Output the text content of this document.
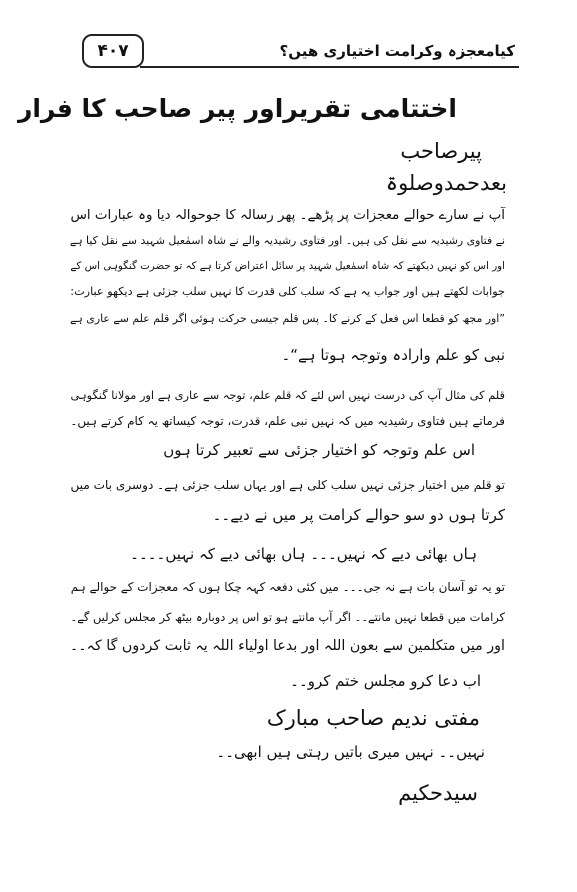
۴۰۷	کیامعجزہ وکرامت اختیاری ھیں؟
اختتامی تقریراور پیر صاحب کا فرار
پیرصاحب
بعدحمدوصلوۃ
آپ نے سارے حوالے معجزات پر پڑھے۔ پھر رسالہ کا جوحوالہ دیا وہ عبارات اس
نے فتاوی رشیدیہ سے نقل کی ہیں۔ اور فتاوی رشیدیہ والے نے شاہ اسمٰعیل شہید سے نقل کیا ہے
اور اس کو نہیں دیکھتے کہ شاہ اسمٰعیل شہید پر سائل اعتراض کرتا ہے کہ تو حضرت گنگوہی اس کے
جوابات لکھتے ہیں اور جواب یہ ہے کہ سلب کلی قدرت کا نہیں سلب جزئی ہے دیکھو عبارت:
”اور مجھ کو قطعا اس فعل کے کرنے کا۔ پس قلم جیسی حرکت ہوئی اگر قلم علم سے عاری ہے
نبی کو علم وارادہ وتوجہ ہوتا ہے“۔
قلم کی مثال آپ کی درست نہیں اس لئے کہ قلم علم، توجہ سے عاری ہے اور مولانا گنگوہی
فرماتے ہیں فتاوی رشیدیہ میں کہ نہیں نبی علم، قدرت، توجہ کیساتھ یہ کام کرتے ہیں۔
اس علم وتوجہ کو اختیار جزئی سے تعبیر کرتا ہوں
تو قلم میں اختیار جزئی نہیں سلب کلی ہے اور یہاں سلب جزئی ہے۔ دوسری بات میں
کرتا ہوں دو سو حوالے کرامت پر میں نے دیے۔۔
ہاں بھائی دیے کہ نہیں۔۔۔ ہاں بھائی دیے کہ نہیں۔۔۔۔
تو یہ تو آسان بات ہے نہ جی۔۔۔ میں کئی دفعہ کہہ چکا ہوں کہ معجزات کے حوالے ہم
کرامات میں قطعا نہیں مانتے۔۔ اگر آپ مانتے ہو تو اس پر دوبارہ بیٹھ کر مجلس کرلیں گے۔
اور میں متکلمین سے بعون اللہ اور بدعا اولیاء اللہ یہ ثابت کردوں گا کہ۔۔
اب دعا کرو مجلس ختم کرو۔۔
مفتی ندیم صاحب مبارک
نہیں۔۔ نہیں میری باتیں رہتی ہیں ابھی۔۔
سیدحکیم
